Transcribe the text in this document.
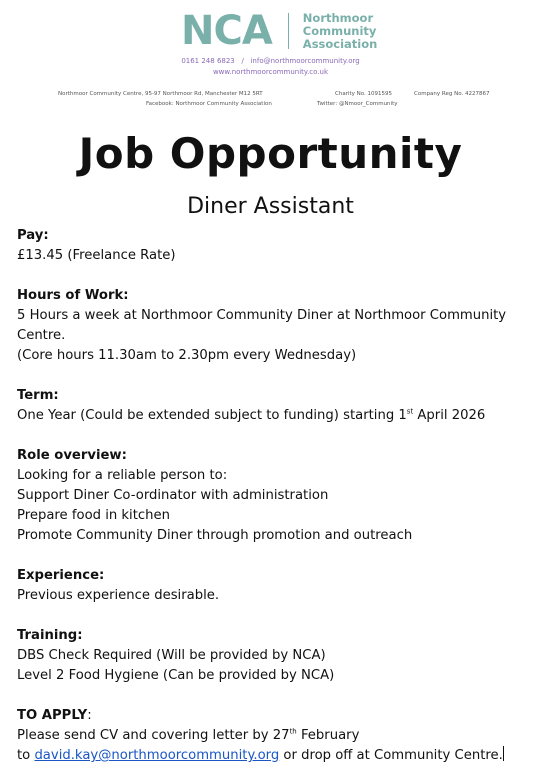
NCA	Northmoor
Community
Association
0161 248 6823   /   info@northmoorcommunity.org
www.northmoorcommunity.co.uk
Northmoor Community Centre, 95-97 Northmoor Rd, Manchester M12 5RT	Charity No. 1091595	Company Reg No. 4227867
Facebook: Northmoor Community Association	Twitter: @Nmoor_Community
Job Opportunity
Diner Assistant

Pay:

£13.45 (Freelance Rate)

Hours of Work:

5 Hours a week at Northmoor Community Diner at Northmoor Community Centre.

(Core hours 11.30am to 2.30pm every Wednesday)

Term:

One Year (Could be extended subject to funding) starting 1st April 2026

Role overview:

Looking for a reliable person to:

Support Diner Co-ordinator with administration

Prepare food in kitchen

Promote Community Diner through promotion and outreach

Experience:

Previous experience desirable.

Training:

DBS Check Required (Will be provided by NCA)

Level 2 Food Hygiene (Can be provided by NCA)

TO APPLY:

Please send CV and covering letter by 27th February

to david.kay@northmoorcommunity.org or drop off at Community Centre.
